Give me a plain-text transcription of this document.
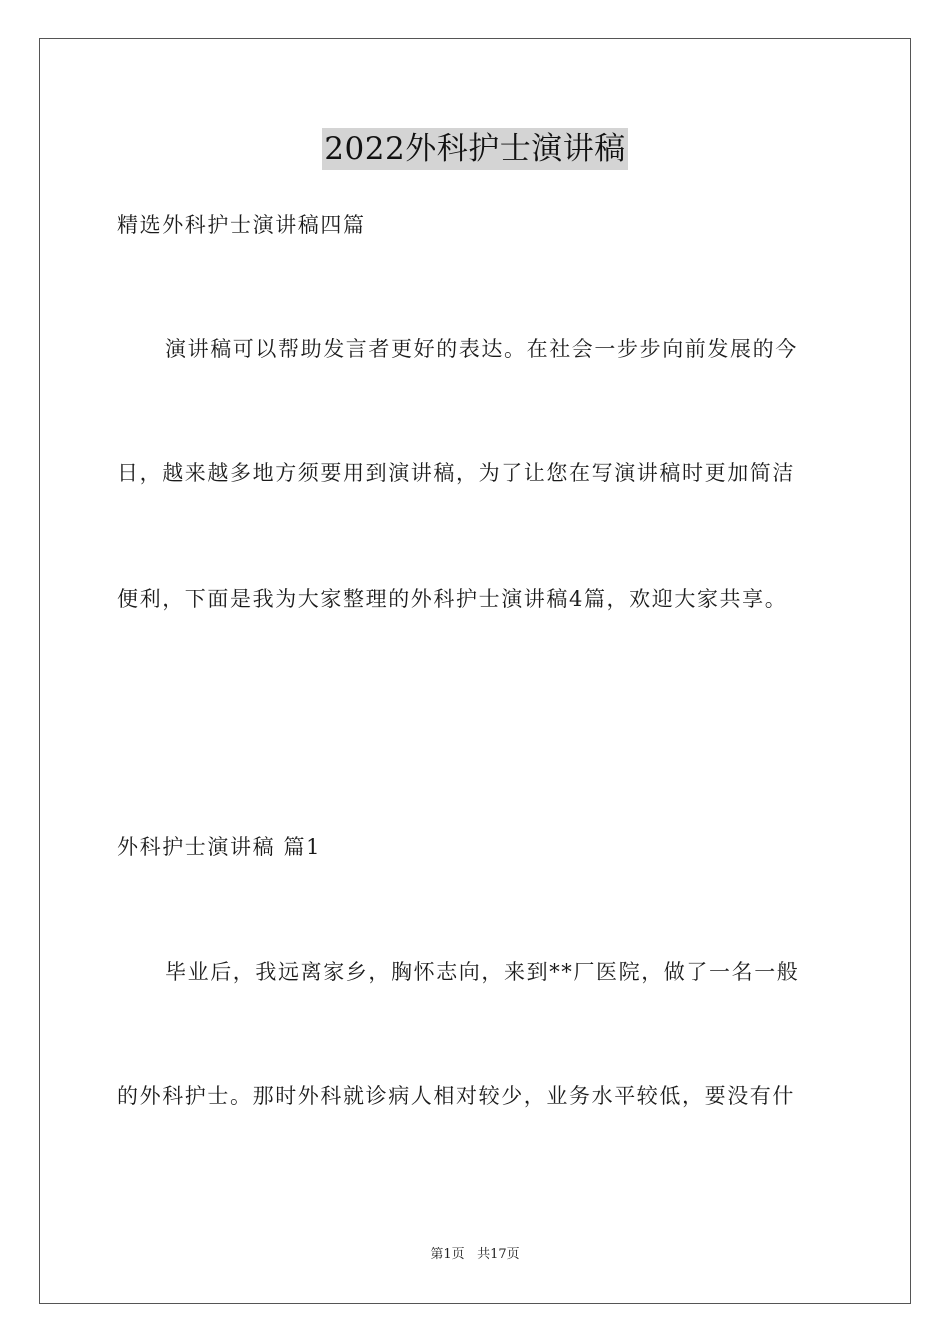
2022外科护士演讲稿
精选外科护士演讲稿四篇
演讲稿可以帮助发言者更好的表达。在社会一步步向前发展的今
日，越来越多地方须要用到演讲稿，为了让您在写演讲稿时更加简洁
便利，下面是我为大家整理的外科护士演讲稿4篇，欢迎大家共享。
外科护士演讲稿 篇1
毕业后，我远离家乡，胸怀志向，来到**厂医院，做了一名一般
的外科护士。那时外科就诊病人相对较少，业务水平较低，要没有什
第1页 共17页
